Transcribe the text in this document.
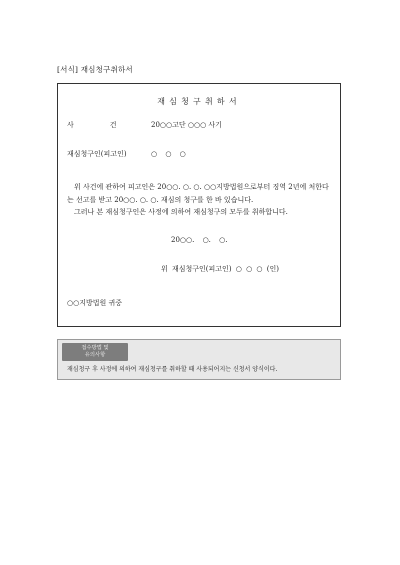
[서식] 재심청구취하서
재심청구취하서
사건
20○○고단 ○○○ 사기
재심청구인(피고인)	○ ○ ○
위 사건에 관하여 피고인은 20○○. ○. ○. ○○지방법원으로부터 징역 2년에 처한다는 선고를 받고 20○○. ○. ○. 재심의 청구를 한 바 있습니다.
그러나 본 재심청구인은 사정에 의하여 재심청구의 모두를 취하합니다.
20○○. ○. ○.
위 재심청구인(피고인) ○ ○ ○ (인)
○○지방법원 귀중
접수방법 및
유의사항
재심청구 후 사정에 의하여 재심청구를 취하할 때 사용되어지는 신청서 양식이다.
